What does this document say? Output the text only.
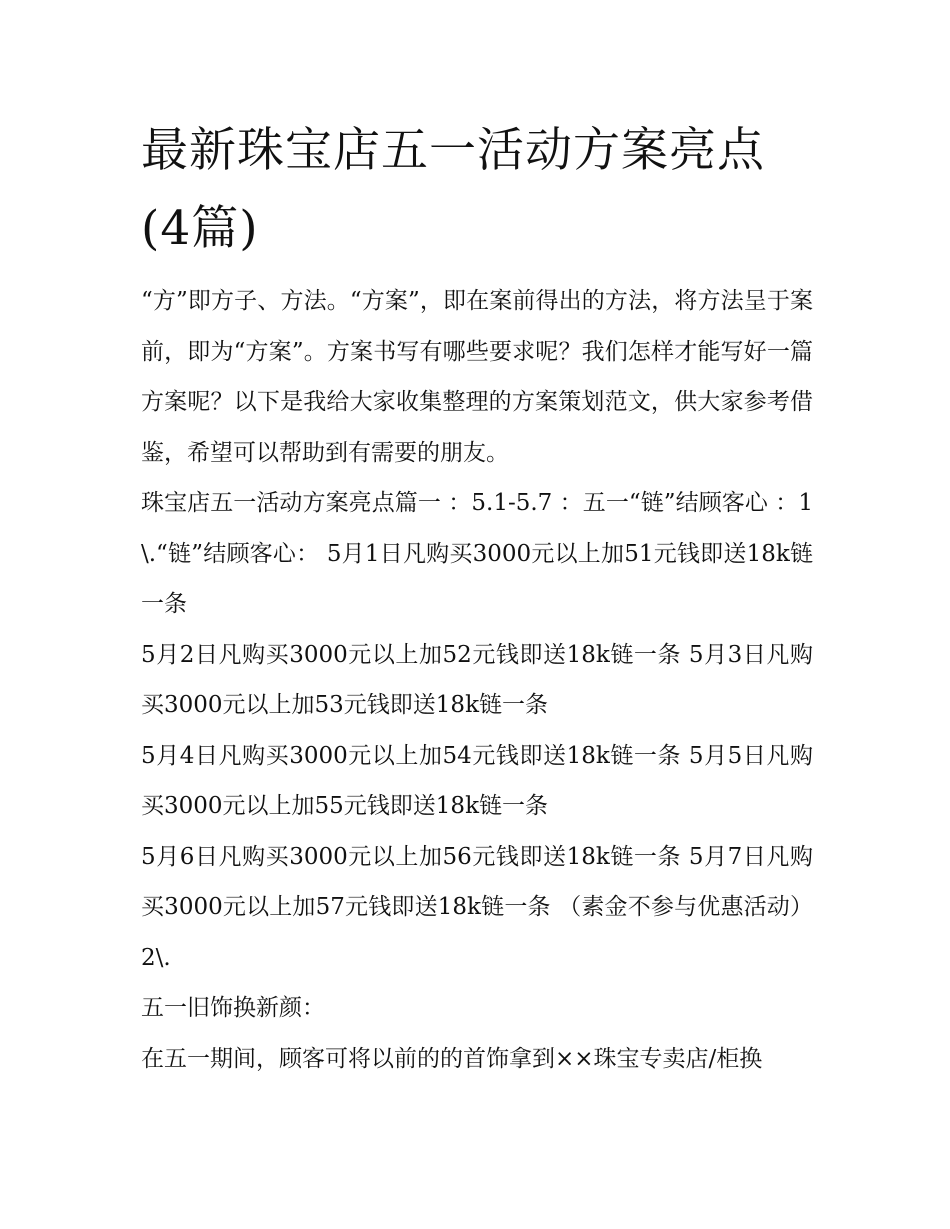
最新珠宝店五一活动方案亮点(4篇)

“方”即方子、方法。“方案”，即在案前得出的方法，将方法呈于案前，即为“方案”。方案书写有哪些要求呢？我们怎样才能写好一篇方案呢？以下是我给大家收集整理的方案策划范文，供大家参考借鉴，希望可以帮助到有需要的朋友。

珠宝店五一活动方案亮点篇一 ：5.1-5.7 ：五一“链”结顾客心 ：1\.“链”结顾客心： 5月1日凡购买3000元以上加51元钱即送18k链一条

5月2日凡购买3000元以上加52元钱即送18k链一条 5月3日凡购买3000元以上加53元钱即送18k链一条

5月4日凡购买3000元以上加54元钱即送18k链一条 5月5日凡购买3000元以上加55元钱即送18k链一条

5月6日凡购买3000元以上加56元钱即送18k链一条 5月7日凡购买3000元以上加57元钱即送18k链一条 （素金不参与优惠活动） 2\.

五一旧饰换新颜：

在五一期间，顾客可将以前的的首饰拿到××珠宝专卖店/柜换
